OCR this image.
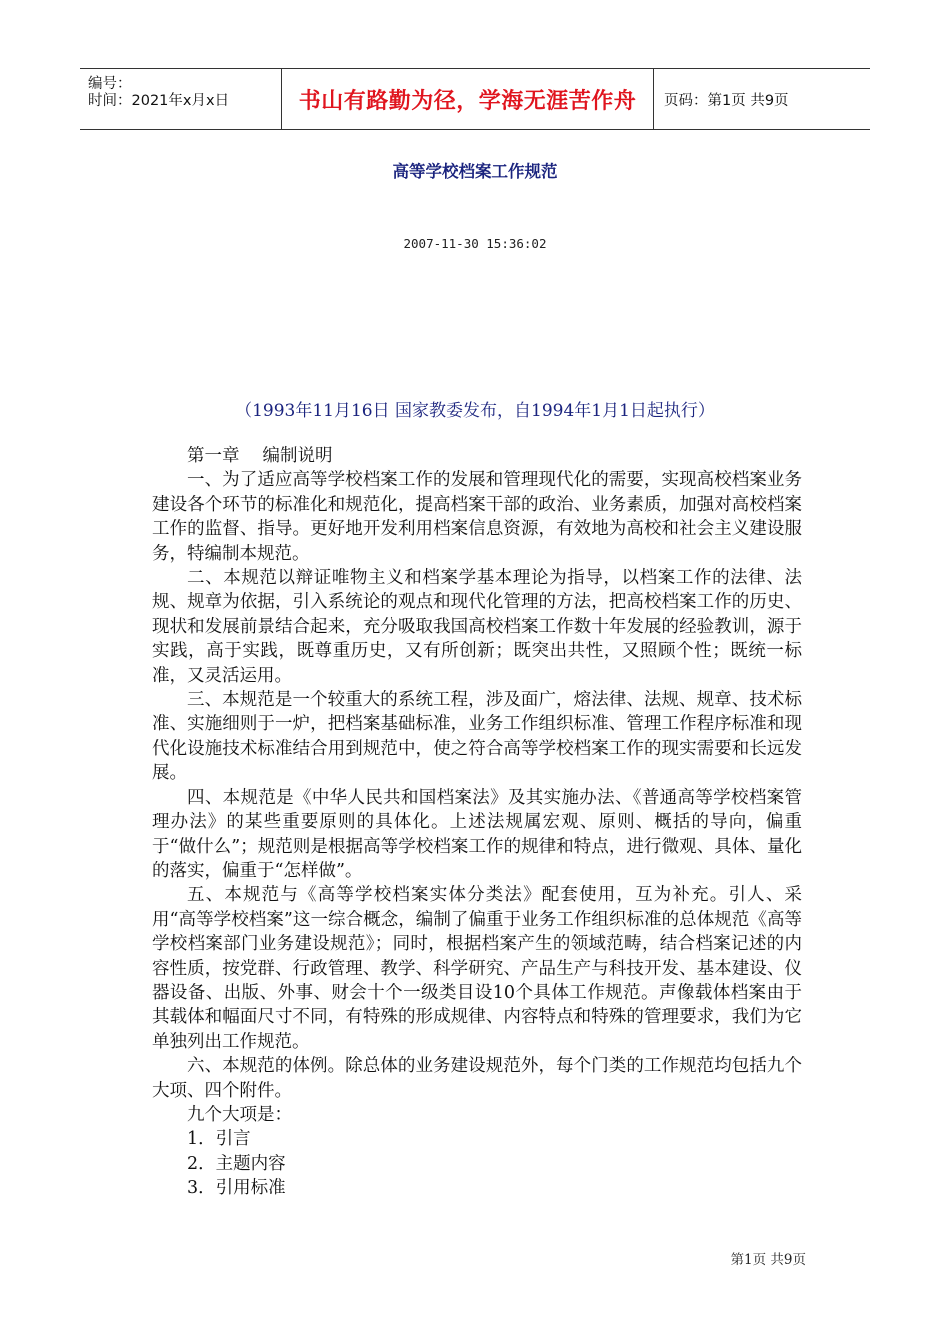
编号：
时间：2021年x月x日	书山有路勤为径，学海无涯苦作舟	页码：第1页 共9页
高等学校档案工作规范
2007-11-30 15:36:02
（1993年11月16日 国家教委发布，自1994年1月1日起执行）

第一章　 编制说明

一、为了适应高等学校档案工作的发展和管理现代化的需要，实现高校档案业务建设各个环节的标准化和规范化，提高档案干部的政治、业务素质，加强对高校档案工作的监督、指导。更好地开发利用档案信息资源，有效地为高校和社会主义建设服务，特编制本规范。

二、本规范以辩证唯物主义和档案学基本理论为指导，以档案工作的法律、法规、规章为依据，引入系统论的观点和现代化管理的方法，把高校档案工作的历史、现状和发展前景结合起来，充分吸取我国高校档案工作数十年发展的经验教训，源于实践，高于实践，既尊重历史，又有所创新；既突出共性，又照顾个性；既统一标准，又灵活运用。

三、本规范是一个较重大的系统工程，涉及面广，熔法律、法规、规章、技术标准、实施细则于一炉，把档案基础标准，业务工作组织标准、管理工作程序标准和现代化设施技术标准结合用到规范中，使之符合高等学校档案工作的现实需要和长远发展。

四、本规范是《中华人民共和国档案法》及其实施办法、《普通高等学校档案管理办法》的某些重要原则的具体化。上述法规属宏观、原则、概括的导向，偏重于“做什么”；规范则是根据高等学校档案工作的规律和特点，进行微观、具体、量化的落实，偏重于“怎样做”。

五、本规范与《高等学校档案实体分类法》配套使用，互为补充。引人、采用“高等学校档案”这一综合概念，编制了偏重于业务工作组织标准的总体规范《高等学校档案部门业务建设规范》；同时，根据档案产生的领域范畴，结合档案记述的内容性质，按党群、行政管理、教学、科学研究、产品生产与科技开发、基本建设、仪器设备、出版、外事、财会十个一级类目设10个具体工作规范。声像载体档案由于其载体和幅面尺寸不同，有特殊的形成规律、内容特点和特殊的管理要求，我们为它单独列出工作规范。

六、本规范的体例。除总体的业务建设规范外，每个门类的工作规范均包括九个大项、四个附件。

九个大项是：

1．引言

2．主题内容

3．引用标准

第1页 共9页
